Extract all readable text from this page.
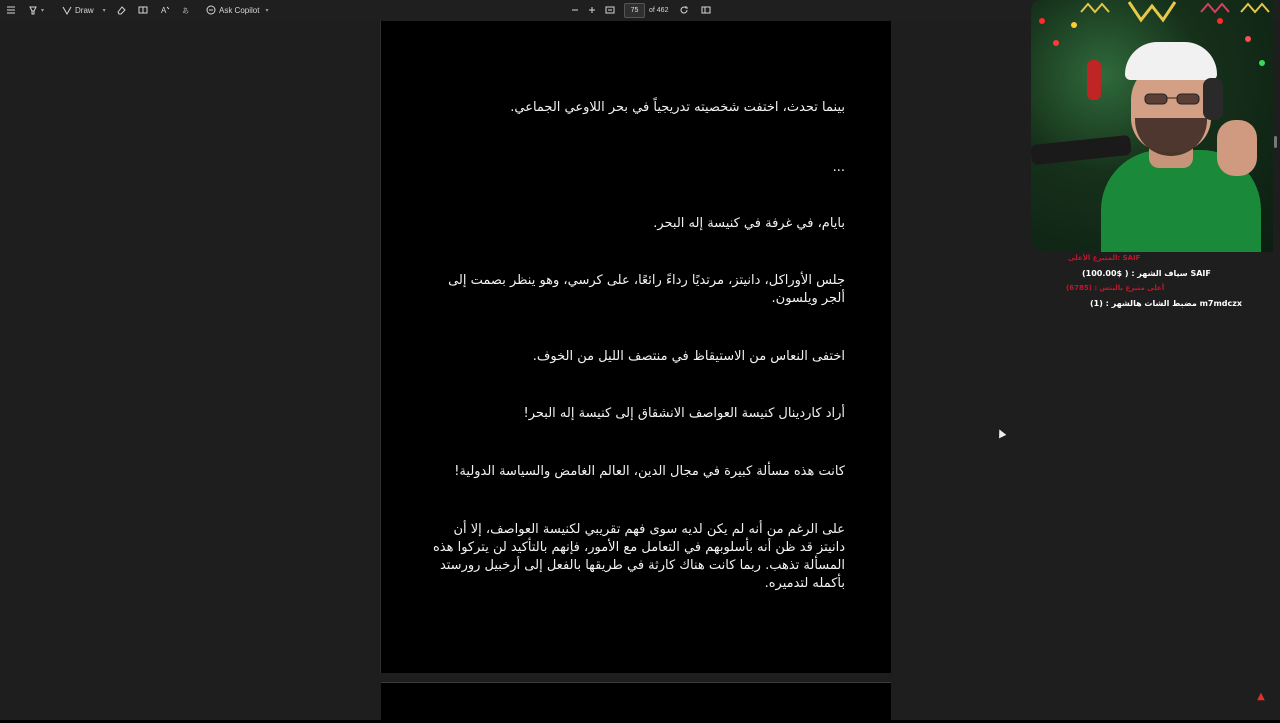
▾	Draw ▾	A あ	Ask Copilot ▾	75	of 462
بينما تحدث، اختفت شخصيته تدريجياً في بحر اللاوعي الجماعي.
...
بايام، في غرفة في كنيسة إله البحر.
جلس الأوراكل، دانيتز، مرتديًا رداءً رائعًا، على كرسي، وهو ينظر بصمت إلى ألجر ويلسون.
اختفى النعاس من الاستيقاظ في منتصف الليل من الخوف.
أراد كاردينال كنيسة العواصف الانشقاق إلى كنيسة إله البحر!
كانت هذه مسألة كبيرة في مجال الدين، العالم الغامض والسياسة الدولية!
على الرغم من أنه لم يكن لديه سوى فهم تقريبي لكنيسة العواصف، إلا أن دانيتز قد ظن أنه بأسلوبهم في التعامل مع الأمور، فإنهم بالتأكيد لن يتركوا هذه المسألة تذهب. ربما كانت هناك كارثة في طريقها بالفعل إلى أرخبيل رورستد بأكمله لتدميره.
▲
المتبرع الأعلى: SAIF
سياف الشهر : ( $100.00) SAIF
أعلى متبرع بالبتس : (6785)
مضبط الشات هالشهر : (1) m7mdczx
